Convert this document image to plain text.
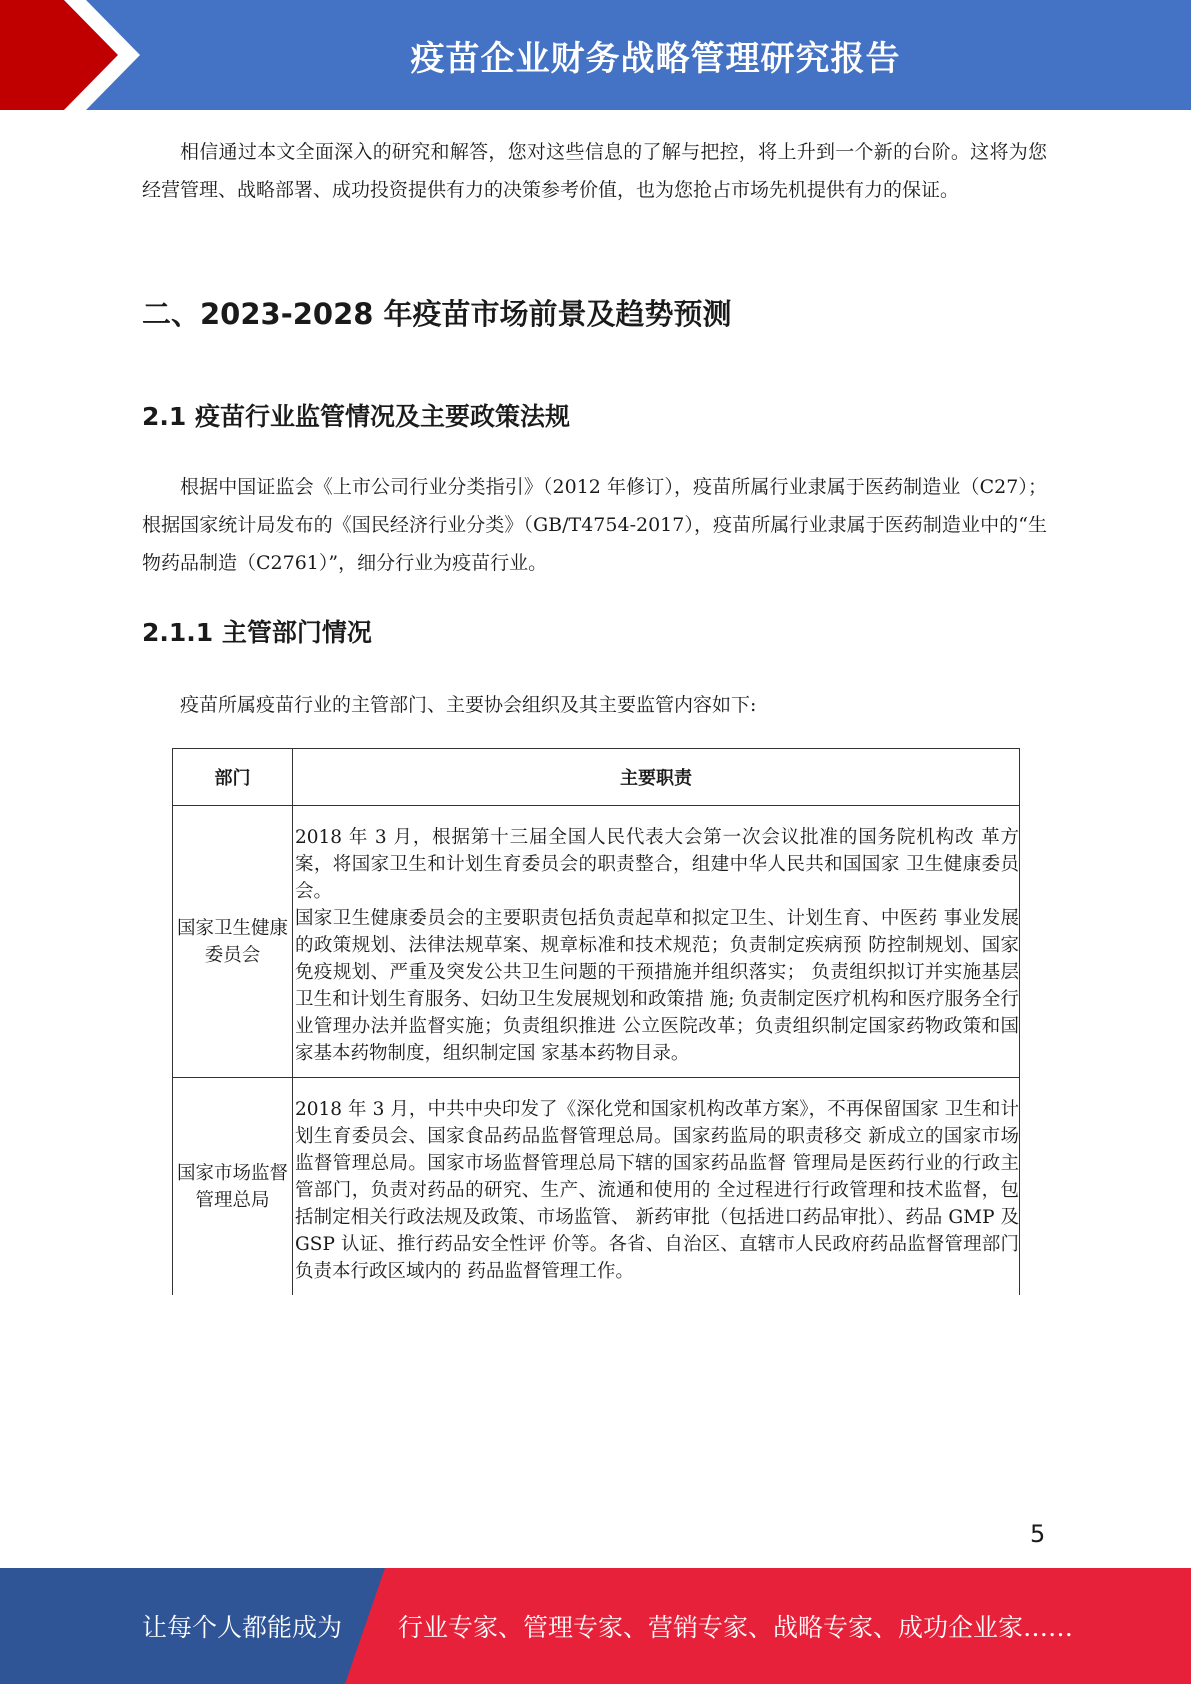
疫苗企业财务战略管理研究报告
相信通过本文全面深入的研究和解答，您对这些信息的了解与把控，将上升到一个新的台阶。这将为您经营管理、战略部署、成功投资提供有力的决策参考价值，也为您抢占市场先机提供有力的保证。
二、2023-2028 年疫苗市场前景及趋势预测
2.1 疫苗行业监管情况及主要政策法规
根据中国证监会《上市公司行业分类指引》（2012 年修订），疫苗所属行业隶属于医药制造业（C27）；根据国家统计局发布的《国民经济行业分类》（GB/T4754-2017），疫苗所属行业隶属于医药制造业中的“生物药品制造（C2761）”，细分行业为疫苗行业。
2.1.1 主管部门情况
疫苗所属疫苗行业的主管部门、主要协会组织及其主要监管内容如下:
部门	主要职责
国家卫生健康委员会	2018 年 3 月，根据第十三届全国人民代表大会第一次会议批准的国务院机构改 革方案，将国家卫生和计划生育委员会的职责整合，组建中华人民共和国国家 卫生健康委员会。
国家卫生健康委员会的主要职责包括负责起草和拟定卫生、计划生育、中医药 事业发展的政策规划、法律法规草案、规章标准和技术规范；负责制定疾病预 防控制规划、国家免疫规划、严重及突发公共卫生问题的干预措施并组织落实； 负责组织拟订并实施基层卫生和计划生育服务、妇幼卫生发展规划和政策措 施; 负责制定医疗机构和医疗服务全行业管理办法并监督实施；负责组织推进 公立医院改革；负责组织制定国家药物政策和国家基本药物制度，组织制定国 家基本药物目录。

国家市场监督管理总局	2018 年 3 月，中共中央印发了《深化党和国家机构改革方案》，不再保留国家 卫生和计划生育委员会、国家食品药品监督管理总局。国家药监局的职责移交 新成立的国家市场监督管理总局。国家市场监督管理总局下辖的国家药品监督 管理局是医药行业的行政主管部门，负责对药品的研究、生产、流通和使用的 全过程进行行政管理和技术监督，包括制定相关行政法规及政策、市场监管、 新药审批（包括进口药品审批）、药品 GMP 及 GSP 认证、推行药品安全性评 价等。各省、自治区、直辖市人民政府药品监督管理部门负责本行政区域内的 药品监督管理工作。
5
让每个人都能成为 行业专家、管理专家、营销专家、战略专家、成功企业家……
